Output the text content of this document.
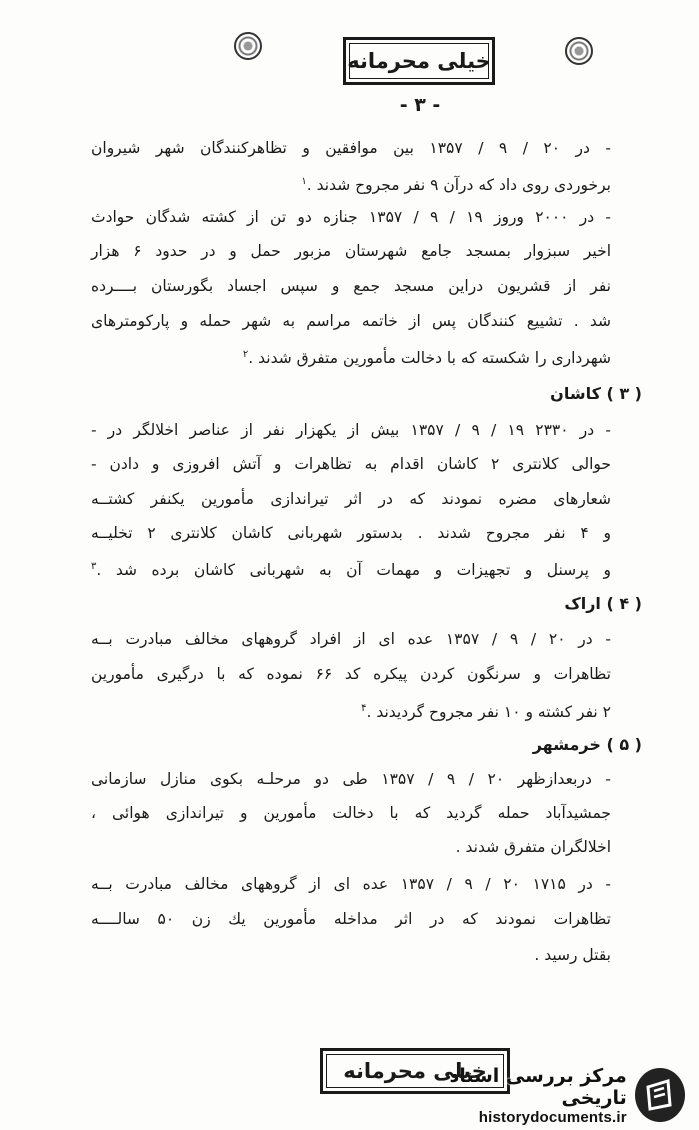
خیلی محرمانه
- ۳ -
- در ۲۰ / ۹ / ۱۳۵۷ بین موافقین و تظاهرکنندگان شهر شیروان
برخوردی روی داد که درآن ۹ نفر مجروح شدند .$^۱$
- در ۲۰۰۰ وروز ۱۹ / ۹ / ۱۳۵۷ جنازه دو تن از کشته شدگان حوادث
اخیر سبزوار بمسجد جامع شهرستان مزبور حمل و در حدود ۶ هزار
نفر از قشریون دراین مسجد جمع و سپس اجساد بگورستان بــــرده
شد . تشییع کنندگان پس از خاتمه مراسم به شهر حمله و پارکومترهای
شهرداری را شکسته که با دخالت مأمورین متفرق شدند .$^۲$
( ۳ ) کاشان
- در ۲۳۳۰ ۱۹ / ۹ / ۱۳۵۷ بیش از یکهزار نفر از عناصر اخلالگر در -
حوالی کلانتری ۲ کاشان اقدام به تظاهرات و آتش افروزی و دادن -
شعارهای مضره نمودند که در اثر تیراندازی مأمورین یکنفر کشتــه
و ۴ نفر مجروح شدند . بدستور شهربانی کاشان کلانتری ۲ تخلیــه
و پرسنل و تجهیزات و مهمات آن به شهربانی کاشان برده شد .$^۳$
( ۴ ) اراک
- در ۲۰ / ۹ / ۱۳۵۷ عده ای از افراد گروههای مخالف مبادرت بــه
تظاهرات و سرنگون کردن پیکره کد ۶۶ نموده که با درگیری مأمورین
۲ نفر کشته و ۱۰ نفر مجروح گردیدند .$^۴$
( ۵ ) خرمشهر
- دربعدازظهر ۲۰ / ۹ / ۱۳۵۷ طی دو مرحلـه بکوی منازل سازمانی
جمشیدآباد حمله گردید که با دخالت مأمورین و تیراندازی هوائی ،
اخلالگران متفرق شدند .
- در ۱۷۱۵ ۲۰ / ۹ / ۱۳۵۷ عده ای از گروههای مخالف مبادرت بــه
تظاهرات نمودند که در اثر مداخله مأمورین یك زن ۵۰ سالــــه
بقتل رسید .
خیلی محرمانه
مرکز بررسی اسناد تاریخی
historydocuments.ir
